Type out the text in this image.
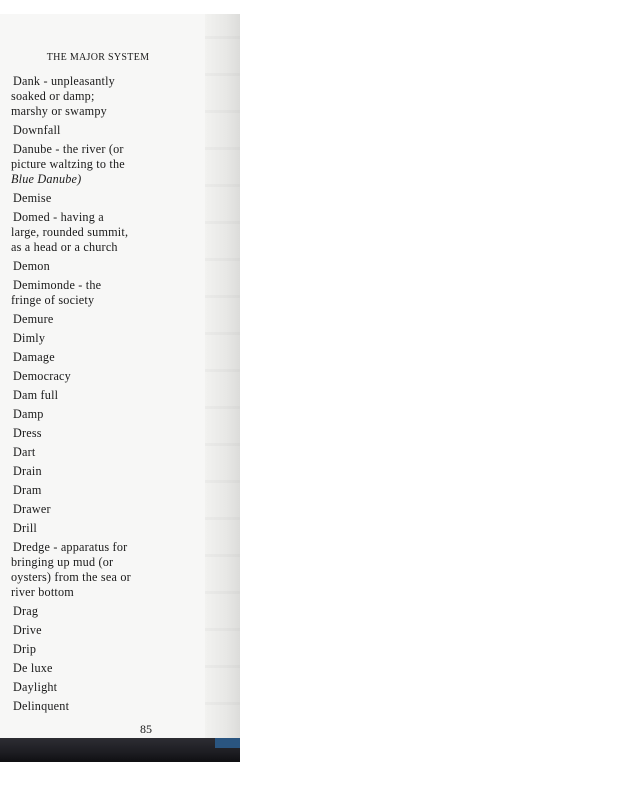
THE MAJOR SYSTEM
Dank - unpleasantly
soaked or damp;
marshy or swampy
Downfall
Danube - the river (or
picture waltzing to the
Blue Danube)
Demise
Domed - having a
large, rounded summit,
as a head or a church
Demon
Demimonde - the
fringe of society
Demure
Dimly
Damage
Democracy
Dam full
Damp
Dress
Dart
Drain
Dram
Drawer
Drill
Dredge - apparatus for
bringing up mud (or
oysters) from the sea or
river bottom
Drag
Drive
Drip
De luxe
Daylight
Delinquent
85
